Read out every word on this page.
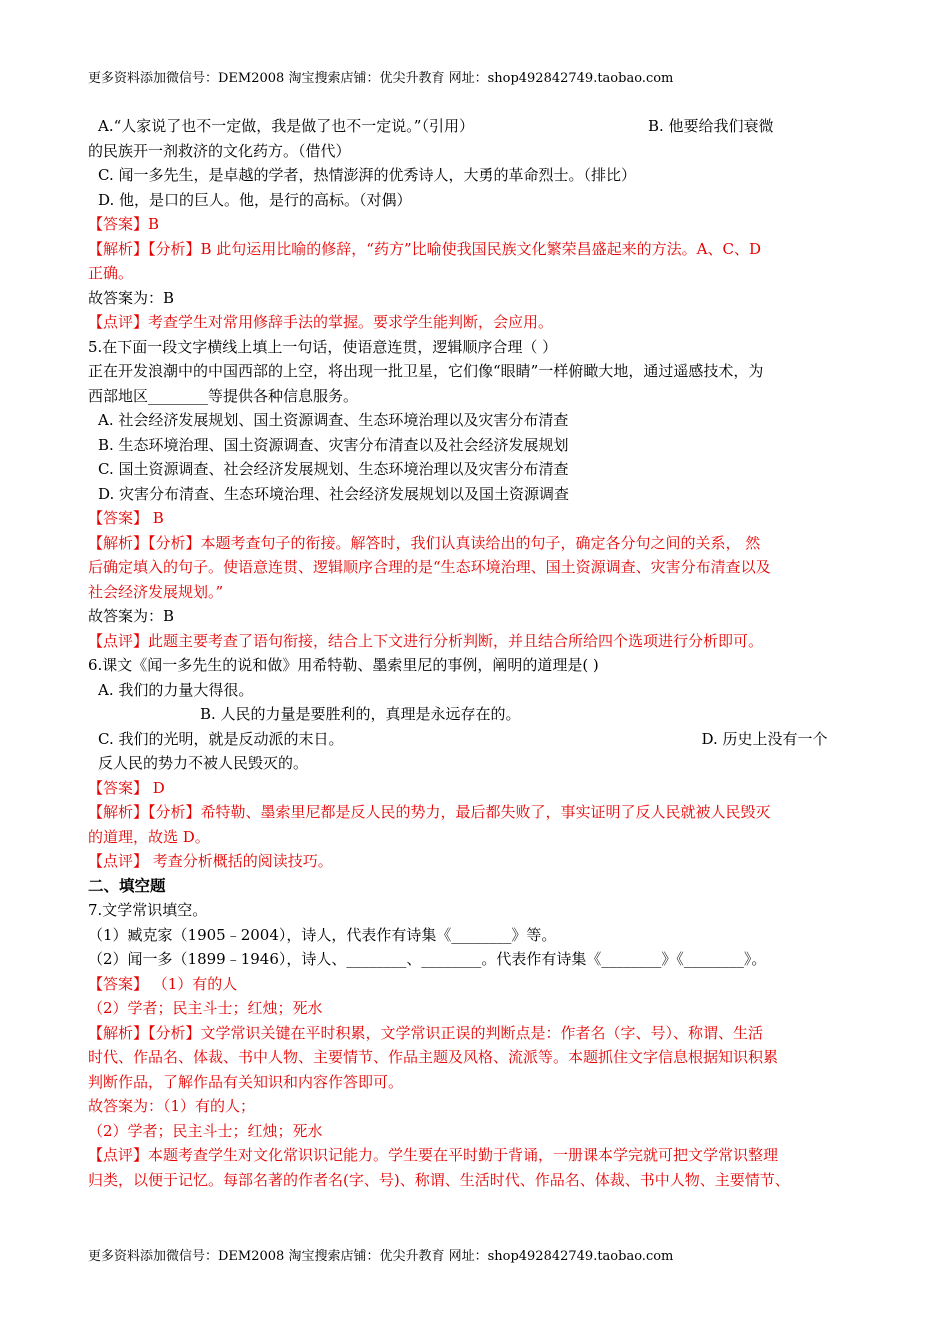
更多资料添加微信号：DEM2008 淘宝搜索店铺：优尖升教育 网址：shop492842749.taobao.com
A.“人家说了也不一定做，我是做了也不一定说。”（引用）	B. 他要给我们衰微
的民族开一剂救济的文化药方。（借代）
C. 闻一多先生，是卓越的学者，热情澎湃的优秀诗人，大勇的革命烈士。（排比）
D. 他，是口的巨人。他，是行的高标。（对偶）
【答案】B
【解析】【分析】B 此句运用比喻的修辞，“药方”比喻使我国民族文化繁荣昌盛起来的方法。A、C、D
正确。
故答案为：B
【点评】考查学生对常用修辞手法的掌握。要求学生能判断，会应用。
5.在下面一段文字横线上填上一句话，使语意连贯，逻辑顺序合理（ ）
正在开发浪潮中的中国西部的上空，将出现一批卫星，它们像“眼睛”一样俯瞰大地，通过遥感技术，为
西部地区________等提供各种信息服务。
A. 社会经济发展规划、国土资源调查、生态环境治理以及灾害分布清查
B. 生态环境治理、国土资源调查、灾害分布清查以及社会经济发展规划
C. 国土资源调查、社会经济发展规划、生态环境治理以及灾害分布清查
D. 灾害分布清查、生态环境治理、社会经济发展规划以及国土资源调查
【答案】 B
【解析】【分析】本题考查句子的衔接。解答时，我们认真读给出的句子，确定各分句之间的关系， 然
后确定填入的句子。使语意连贯、逻辑顺序合理的是“生态环境治理、国土资源调查、灾害分布清查以及
社会经济发展规划。”
故答案为：B
【点评】此题主要考查了语句衔接，结合上下文进行分析判断，并且结合所给四个选项进行分析即可。
6.课文《闻一多先生的说和做》用希特勒、墨索里尼的事例，阐明的道理是( )
A. 我们的力量大得很。
B. 人民的力量是要胜利的，真理是永远存在的。
C. 我们的光明，就是反动派的末日。	D. 历史上没有一个
反人民的势力不被人民毁灭的。
【答案】 D
【解析】【分析】希特勒、墨索里尼都是反人民的势力，最后都失败了，事实证明了反人民就被人民毁灭
的道理，故选 D。
【点评】 考查分析概括的阅读技巧。
二、填空题
7.文学常识填空。
（1）臧克家（1905﹣2004），诗人，代表作有诗集《________》等。
（2）闻一多（1899﹣1946），诗人、________、________。代表作有诗集《________》《________》。
【答案】 （1）有的人
（2）学者；民主斗士；红烛；死水
【解析】【分析】文学常识关键在平时积累，文学常识正误的判断点是：作者名（字、号）、称谓、生活
时代、作品名、体裁、书中人物、主要情节、作品主题及风格、流派等。本题抓住文字信息根据知识积累
判断作品，了解作品有关知识和内容作答即可。
故答案为：（1）有的人；
（2）学者；民主斗士；红烛；死水
【点评】本题考查学生对文化常识识记能力。学生要在平时勤于背诵，一册课本学完就可把文学常识整理
归类，以便于记忆。每部名著的作者名(字、号)、称谓、生活时代、作品名、体裁、书中人物、主要情节、
更多资料添加微信号：DEM2008 淘宝搜索店铺：优尖升教育 网址：shop492842749.taobao.com
